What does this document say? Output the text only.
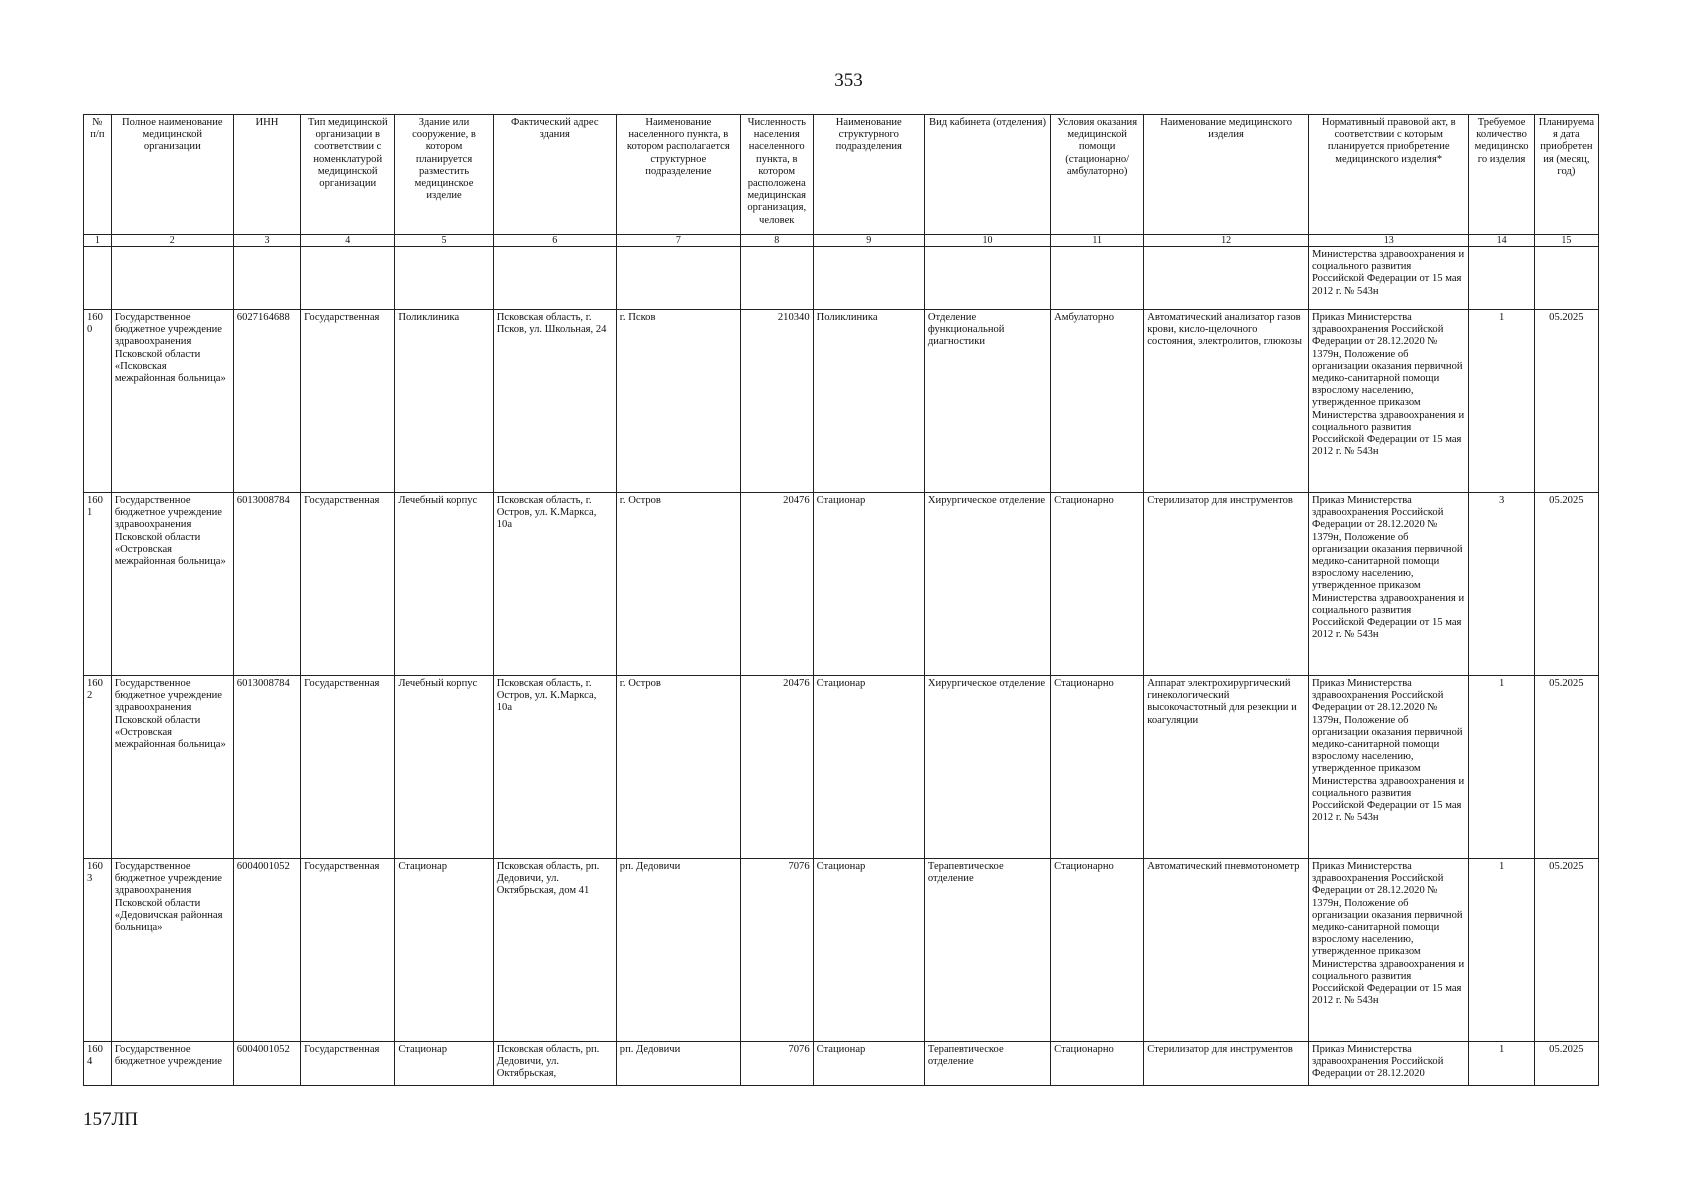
353
№ п/п	Полное наименование медицинской организации	ИНН	Тип медицинской организации в соответствии с номенклатурой медицинской организации	Здание или сооружение, в котором планируется разместить медицинское изделие	Фактический адрес здания	Наименование населенного пункта, в котором располагается структурное подразделение	Численность населения населенного пункта, в котором расположена медицинская организация, человек	Наименование структурного подразделения	Вид кабинета (отделения)	Условия оказания медицинской помощи (стационарно/ амбулаторно)	Наименование медицинского изделия	Нормативный правовой акт, в соответствии с которым планируется приобретение медицинского изделия*	Требуемое количество медицинского изделия	Планируемая дата приобретения (месяц, год)
1	2	3	4	5	6	7	8	9	10	11	12	13	14	15
												Министерства здравоохранения и социального развития Российской Федерации от 15 мая 2012 г. № 543н		
1600	Государственное бюджетное учреждение здравоохранения Псковской области «Псковская межрайонная больница»	6027164688	Государственная	Поликлиника	Псковская область, г. Псков, ул. Школьная, 24	г. Псков	210340	Поликлиника	Отделение функциональной диагностики	Амбулаторно	Автоматический анализатор газов крови, кисло-щелочного состояния, электролитов, глюкозы	Приказ Министерства здравоохранения Российской Федерации от 28.12.2020 № 1379н, Положение об организации оказания первичной медико-санитарной помощи взрослому населению, утвержденное приказом Министерства здравоохранения и социального развития Российской Федерации от 15 мая 2012 г. № 543н	1	05.2025
1601	Государственное бюджетное учреждение здравоохранения Псковской области «Островская межрайонная больница»	6013008784	Государственная	Лечебный корпус	Псковская область, г. Остров, ул. К.Маркса, 10а	г. Остров	20476	Стационар	Хирургическое отделение	Стационарно	Стерилизатор для инструментов	Приказ Министерства здравоохранения Российской Федерации от 28.12.2020 № 1379н, Положение об организации оказания первичной медико-санитарной помощи взрослому населению, утвержденное приказом Министерства здравоохранения и социального развития Российской Федерации от 15 мая 2012 г. № 543н	3	05.2025
1602	Государственное бюджетное учреждение здравоохранения Псковской области «Островская межрайонная больница»	6013008784	Государственная	Лечебный корпус	Псковская область, г. Остров, ул. К.Маркса, 10а	г. Остров	20476	Стационар	Хирургическое отделение	Стационарно	Аппарат электрохирургический гинекологический высокочастотный для резекции и коагуляции	Приказ Министерства здравоохранения Российской Федерации от 28.12.2020 № 1379н, Положение об организации оказания первичной медико-санитарной помощи взрослому населению, утвержденное приказом Министерства здравоохранения и социального развития Российской Федерации от 15 мая 2012 г. № 543н	1	05.2025
1603	Государственное бюджетное учреждение здравоохранения Псковской области «Дедовичская районная больница»	6004001052	Государственная	Стационар	Псковская область, рп. Дедовичи, ул. Октябрьская, дом 41	рп. Дедовичи	7076	Стационар	Терапевтическое отделение	Стационарно	Автоматический пневмотонометр	Приказ Министерства здравоохранения Российской Федерации от 28.12.2020 № 1379н, Положение об организации оказания первичной медико-санитарной помощи взрослому населению, утвержденное приказом Министерства здравоохранения и социального развития Российской Федерации от 15 мая 2012 г. № 543н	1	05.2025
1604	Государственное бюджетное учреждение	6004001052	Государственная	Стационар	Псковская область, рп. Дедовичи, ул. Октябрьская,	рп. Дедовичи	7076	Стационар	Терапевтическое отделение	Стационарно	Стерилизатор для инструментов	Приказ Министерства здравоохранения Российской Федерации от 28.12.2020	1	05.2025
157ЛП
